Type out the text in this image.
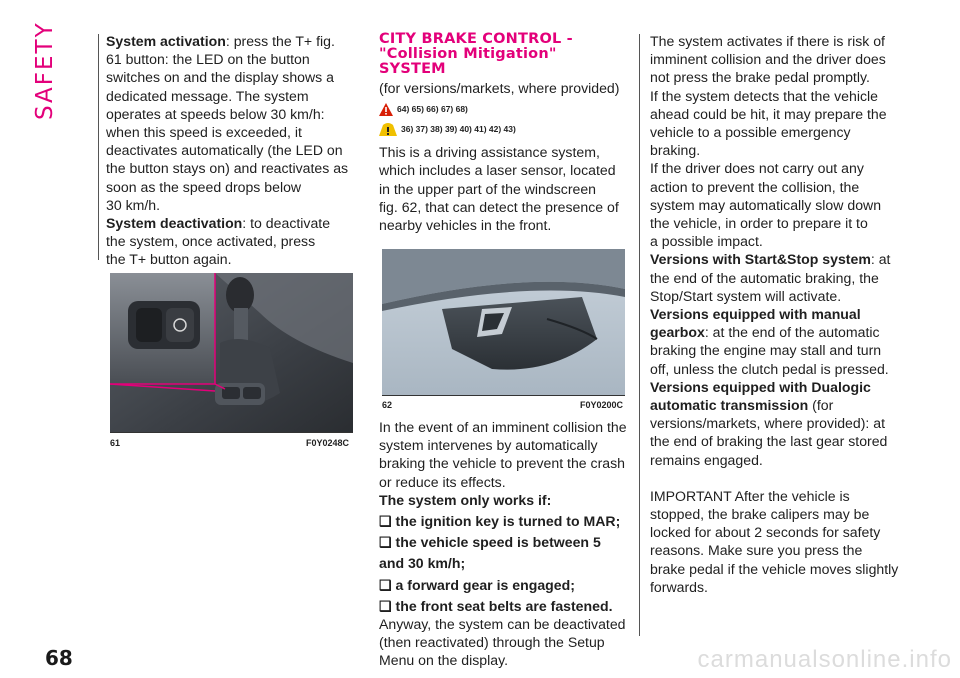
SAFETY
68	carmanualsonline.info

System activation: press the T+ fig.

61 button: the LED on the button
switches on and the display shows a
dedicated message. The system
operates at speeds below 30 km/h:
when this speed is exceeded, it
deactivates automatically (the LED on
the button stays on) and reactivates as
soon as the speed drops below
30 km/h.

System deactivation: to deactivate

the system, once activated, press
the T+ button again.
61	F0Y0248C
CITY BRAKE CONTROL -
"Collision Mitigation"
SYSTEM

(for versions/markets, where provided)

64) 65) 66) 67) 68)
36) 37) 38) 39) 40) 41) 42) 43)
This is a driving assistance system,
which includes a laser sensor, located
in the upper part of the windscreen
fig. 62, that can detect the presence of
nearby vehicles in the front.
62	F0Y0200C
In the event of an imminent collision the
system intervenes by automatically
braking the vehicle to prevent the crash
or reduce its effects.

The system only works if:

❑ the ignition key is turned to MAR;
❑ the vehicle speed is between 5
and 30 km/h;
❑ a forward gear is engaged;
❑ the front seat belts are fastened.
Anyway, the system can be deactivated
(then reactivated) through the Setup
Menu on the display.
The system activates if there is risk of
imminent collision and the driver does
not press the brake pedal promptly.
If the system detects that the vehicle
ahead could be hit, it may prepare the
vehicle to a possible emergency
braking.
If the driver does not carry out any
action to prevent the collision, the
system may automatically slow down
the vehicle, in order to prepare it to
a possible impact.

Versions with Start&Stop system: at

the end of the automatic braking, the
Stop/Start system will activate.
Versions equipped with manual
gearbox: at the end of the automatic
braking the engine may stall and turn
off, unless the clutch pedal is pressed.
Versions equipped with Dualogic
automatic transmission (for
versions/markets, where provided): at
the end of braking the last gear stored
remains engaged.
IMPORTANT After the vehicle is
stopped, the brake calipers may be
locked for about 2 seconds for safety
reasons. Make sure you press the
brake pedal if the vehicle moves slightly
forwards.
